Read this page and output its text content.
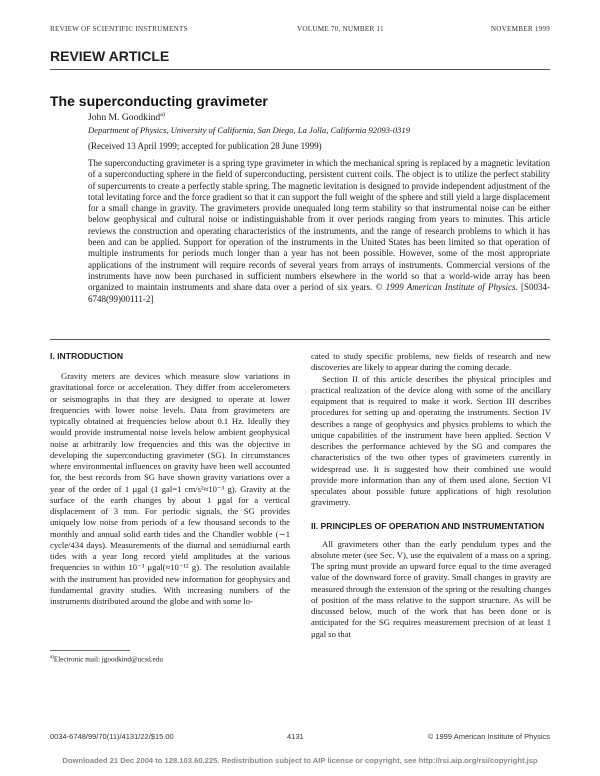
REVIEW OF SCIENTIFIC INSTRUMENTS	VOLUME 70, NUMBER 11	NOVEMBER 1999
REVIEW ARTICLE
The superconducting gravimeter
John M. Goodkind$^{a)}$
Department of Physics, University of California, San Diego, La Jolla, California 92093-0319
(Received 13 April 1999; accepted for publication 28 June 1999)
The superconducting gravimeter is a spring type gravimeter in which the mechanical spring is replaced by a magnetic levitation of a superconducting sphere in the field of superconducting, persistent current coils. The object is to utilize the perfect stability of supercurrents to create a perfectly stable spring. The magnetic levitation is designed to provide independent adjustment of the total levitating force and the force gradient so that it can support the full weight of the sphere and still yield a large displacement for a small change in gravity. The gravimeters provide unequaled long term stability so that instrumental noise can be either below geophysical and cultural noise or indistinguishable from it over periods ranging from years to minutes. This article reviews the construction and operating characteristics of the instruments, and the range of research problems to which it has been and can be applied. Support for operation of the instruments in the United States has been limited so that operation of multiple instruments for periods much longer than a year has not been possible. However, some of the most appropriate applications of the instrument will require records of several years from arrays of instruments. Commercial versions of the instruments have now been purchased in sufficient numbers elsewhere in the world so that a world-wide array has been organized to maintain instruments and share data over a period of six years. © 1999 American Institute of Physics. [S0034-6748(99)00111-2]

I. INTRODUCTION

Gravity meters are devices which measure slow variations in gravitational force or acceleration. They differ from accelerometers or seismographs in that they are designed to operate at lower frequencies with lower noise levels. Data from gravimeters are typically obtained at frequencies below about 0.1 Hz. Ideally they would provide instrumental noise levels below ambient geophysical noise at arbitrarily low frequencies and this was the objective in developing the superconducting gravimeter (SG). In circumstances where environmental influences on gravity have been well accounted for, the best records from SG have shown gravity variations over a year of the order of 1 μgal (1 gal=1 cm/s²≈10⁻³ g). Gravity at the surface of the earth changes by about 1 μgal for a vertical displacement of 3 mm. For periodic signals, the SG provides uniquely low noise from periods of a few thousand seconds to the monthly and annual solid earth tides and the Chandler wobble (∼1 cycle/434 days). Measurements of the diurnal and semidiurnal earth tides with a year long record yield amplitudes at the various frequencies to within 10⁻³ μgal(≈10⁻¹² g). The resolution available with the instrument has provided new information for geophysics and fundamental gravity studies. With increasing numbers of the instruments distributed around the globe and with some lo-

cated to study specific problems, new fields of research and new discoveries are likely to appear during the coming decade.

Section II of this article describes the physical principles and practical realization of the device along with some of the ancillary equipment that is required to make it work. Section III describes procedures for setting up and operating the instruments. Section IV describes a range of geophysics and physics problems to which the unique capabilities of the instrument have been applied. Section V describes the performance achieved by the SG and compares the characteristics of the two other types of gravimeters currently in widespread use. It is suggested how their combined use would provide more information than any of them used alone. Section VI speculates about possible future applications of high resolution gravimetry.

II. PRINCIPLES OF OPERATION AND INSTRUMENTATION

All gravimeters other than the early pendulum types and the absolute meter (see Sec. V), use the equivalent of a mass on a spring. The spring must provide an upward force equal to the time averaged value of the downward force of gravity. Small changes in gravity are measured through the extension of the spring or the resulting changes of position of the mass relative to the support structure. As will be discussed below, much of the work that has been done or is anticipated for the SG requires measurement precision of at least 1 μgal so that

$^{a)}$Electronic mail: jgoodkind@ucsd.edu
0034-6748/99/70(11)/4131/22/$15.00	4131	© 1999 American Institute of Physics
Downloaded 21 Dec 2004 to 128.103.60.225. Redistribution subject to AIP license or copyright, see http://rsi.aip.org/rsi/copyright.jsp
